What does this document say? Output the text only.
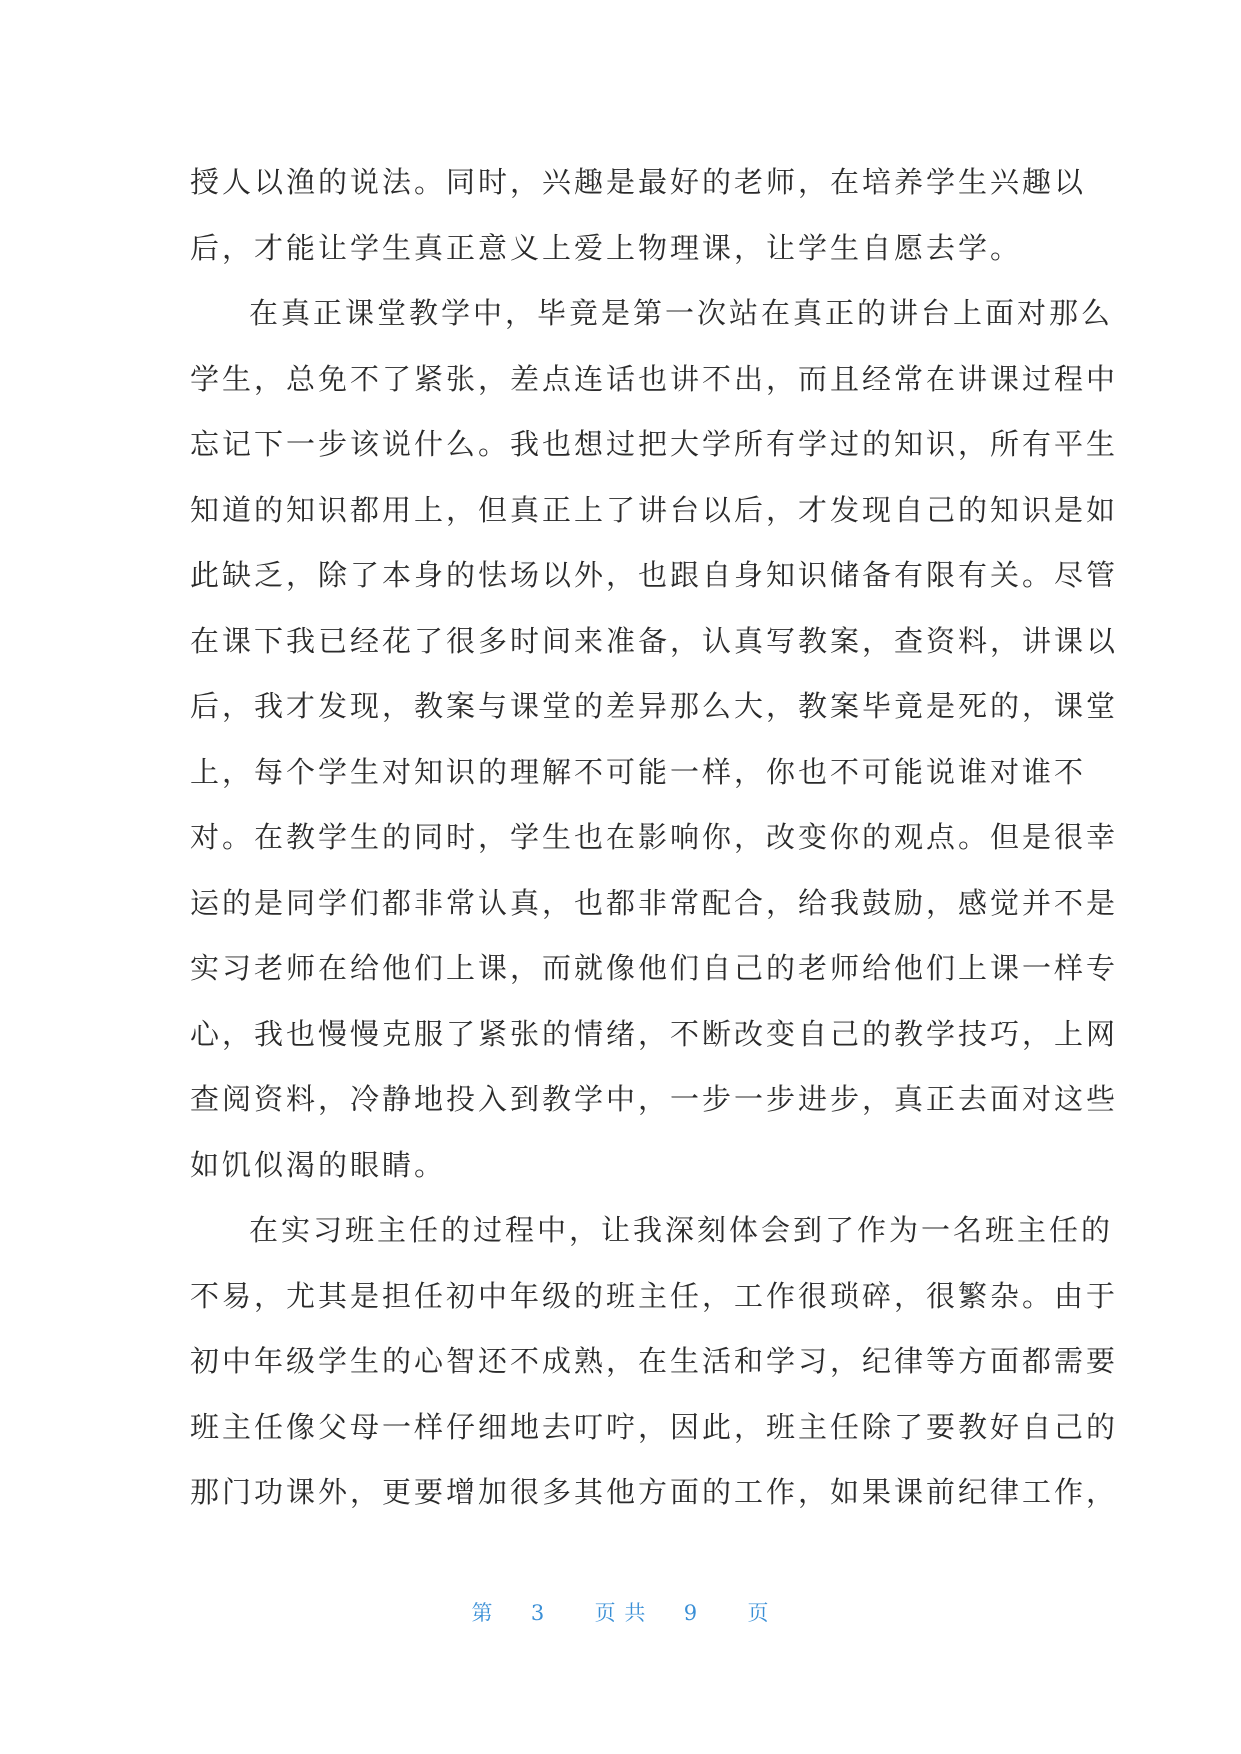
授人以渔的说法。同时，兴趣是最好的老师，在培养学生兴趣以
后，才能让学生真正意义上爱上物理课，让学生自愿去学。
在真正课堂教学中，毕竟是第一次站在真正的讲台上面对那么
学生，总免不了紧张，差点连话也讲不出，而且经常在讲课过程中
忘记下一步该说什么。我也想过把大学所有学过的知识，所有平生
知道的知识都用上，但真正上了讲台以后，才发现自己的知识是如
此缺乏，除了本身的怯场以外，也跟自身知识储备有限有关。尽管
在课下我已经花了很多时间来准备，认真写教案，查资料，讲课以
后，我才发现，教案与课堂的差异那么大，教案毕竟是死的，课堂
上，每个学生对知识的理解不可能一样，你也不可能说谁对谁不
对。在教学生的同时，学生也在影响你，改变你的观点。但是很幸
运的是同学们都非常认真，也都非常配合，给我鼓励，感觉并不是
实习老师在给他们上课，而就像他们自己的老师给他们上课一样专
心，我也慢慢克服了紧张的情绪，不断改变自己的教学技巧，上网
查阅资料，冷静地投入到教学中，一步一步进步，真正去面对这些
如饥似渴的眼睛。
在实习班主任的过程中，让我深刻体会到了作为一名班主任的
不易，尤其是担任初中年级的班主任，工作很琐碎，很繁杂。由于
初中年级学生的心智还不成熟，在生活和学习，纪律等方面都需要
班主任像父母一样仔细地去叮咛，因此，班主任除了要教好自己的
那门功课外，更要增加很多其他方面的工作，如果课前纪律工作，
第 3 页 共 9 页
